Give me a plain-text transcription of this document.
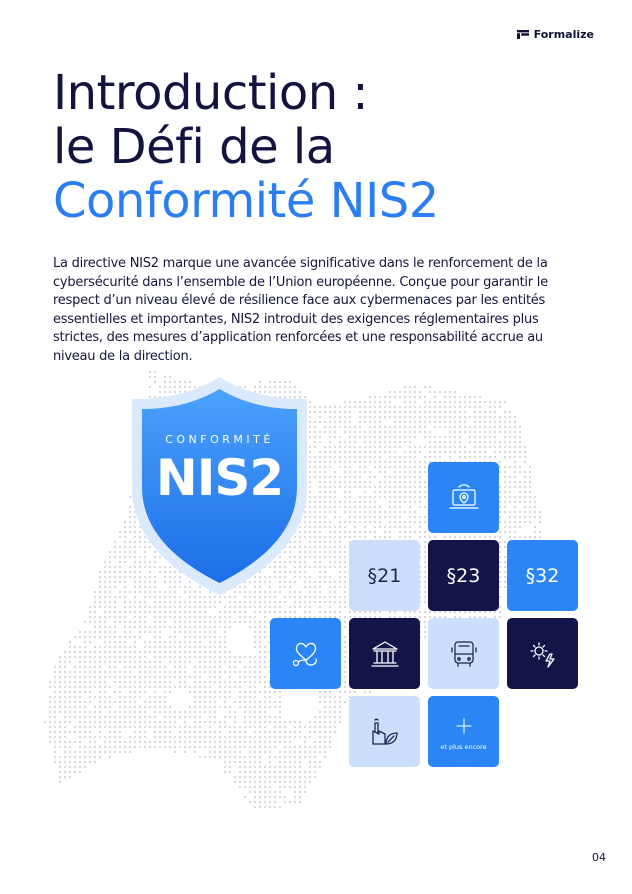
Formalize
Introduction :
le Défi de la
Conformité NIS2

La directive NIS2 marque une avancée significative dans le renforcement de la cybersécurité dans l’ensemble de l’Union européenne. Conçue pour garantir le respect d’un niveau élevé de résilience face aux cybermenaces par les entités essentielles et importantes, NIS2 introduit des exigences réglementaires plus strictes, des mesures d’application renforcées et une responsabilité accrue au niveau de la direction.

CONFORMITÉ
NIS2
§21 §23 §32
et plus encore
04
